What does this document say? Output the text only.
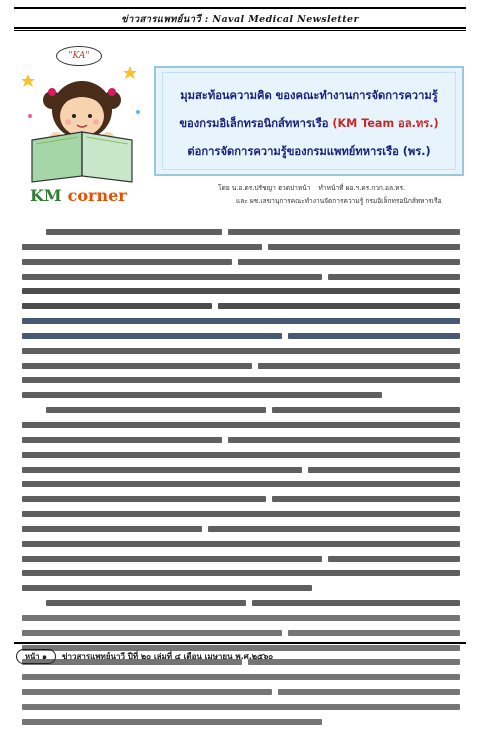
ข่าวสารแพทย์นาวี : Naval Medical Newsletter
"KA"
KM corner
มุมสะท้อนความคิด ของคณะทำงานการจัดการความรู้
ของกรมอิเล็กทรอนิกส์ทหารเรือ (KM Team อล.ทร.)
ต่อการจัดการความรู้ของกรมแพทย์ทหารเรือ (พร.)
โดย น.อ.ดร.ปรัชญา ฮวดปาหน้า ทำหน้าที่ ผอ.ฯ.ดร.กวก.อล.ทร.
และ ผช.เลขานุการคณะทำงานจัดการความรู้ กรมอิเล็กทรอนิกส์ทหารเรือ
หน้า ๑	ข่าวสารแพทย์นาวี ปีที่ ๒๐ เล่มที่ ๔ เดือน เมษายน พ.ศ.๒๕๖๐
